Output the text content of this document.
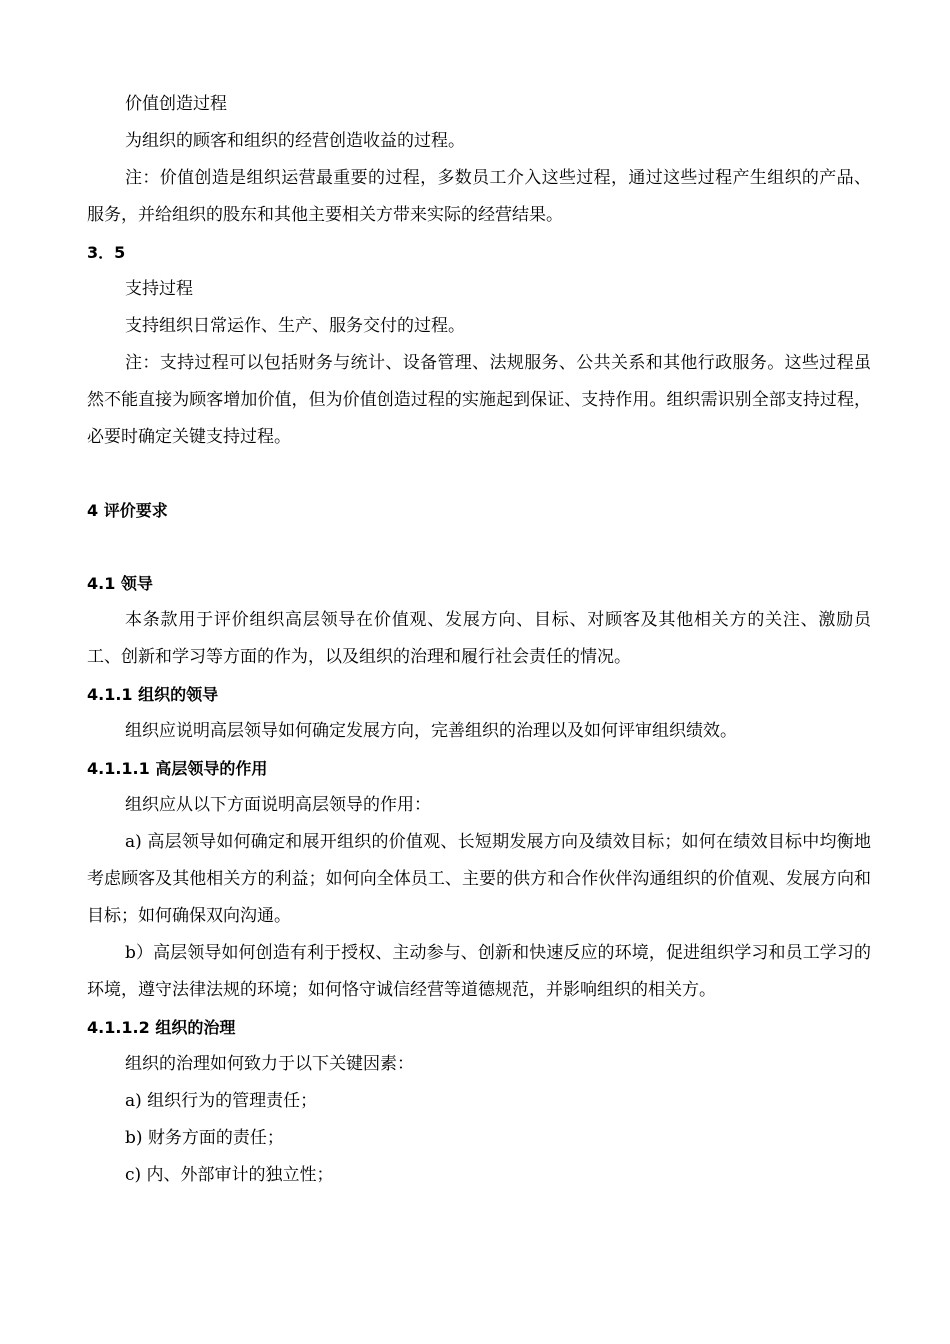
价值创造过程

为组织的顾客和组织的经营创造收益的过程。

注：价值创造是组织运营最重要的过程，多数员工介入这些过程，通过这些过程产生组织的产品、服务，并给组织的股东和其他主要相关方带来实际的经营结果。

3．5

支持过程

支持组织日常运作、生产、服务交付的过程。

注：支持过程可以包括财务与统计、设备管理、法规服务、公共关系和其他行政服务。这些过程虽然不能直接为顾客增加价值，但为价值创造过程的实施起到保证、支持作用。组织需识别全部支持过程，必要时确定关键支持过程。

4 评价要求

4.1 领导

本条款用于评价组织高层领导在价值观、发展方向、目标、对顾客及其他相关方的关注、激励员工、创新和学习等方面的作为，以及组织的治理和履行社会责任的情况。

4.1.1 组织的领导

组织应说明高层领导如何确定发展方向，完善组织的治理以及如何评审组织绩效。

4.1.1.1 高层领导的作用

组织应从以下方面说明高层领导的作用：

a) 高层领导如何确定和展开组织的价值观、长短期发展方向及绩效目标；如何在绩效目标中均衡地考虑顾客及其他相关方的利益；如何向全体员工、主要的供方和合作伙伴沟通组织的价值观、发展方向和目标；如何确保双向沟通。

b）高层领导如何创造有利于授权、主动参与、创新和快速反应的环境，促进组织学习和员工学习的环境，遵守法律法规的环境；如何恪守诚信经营等道德规范，并影响组织的相关方。

4.1.1.2 组织的治理

组织的治理如何致力于以下关键因素：

a) 组织行为的管理责任；

b) 财务方面的责任；

c) 内、外部审计的独立性；
